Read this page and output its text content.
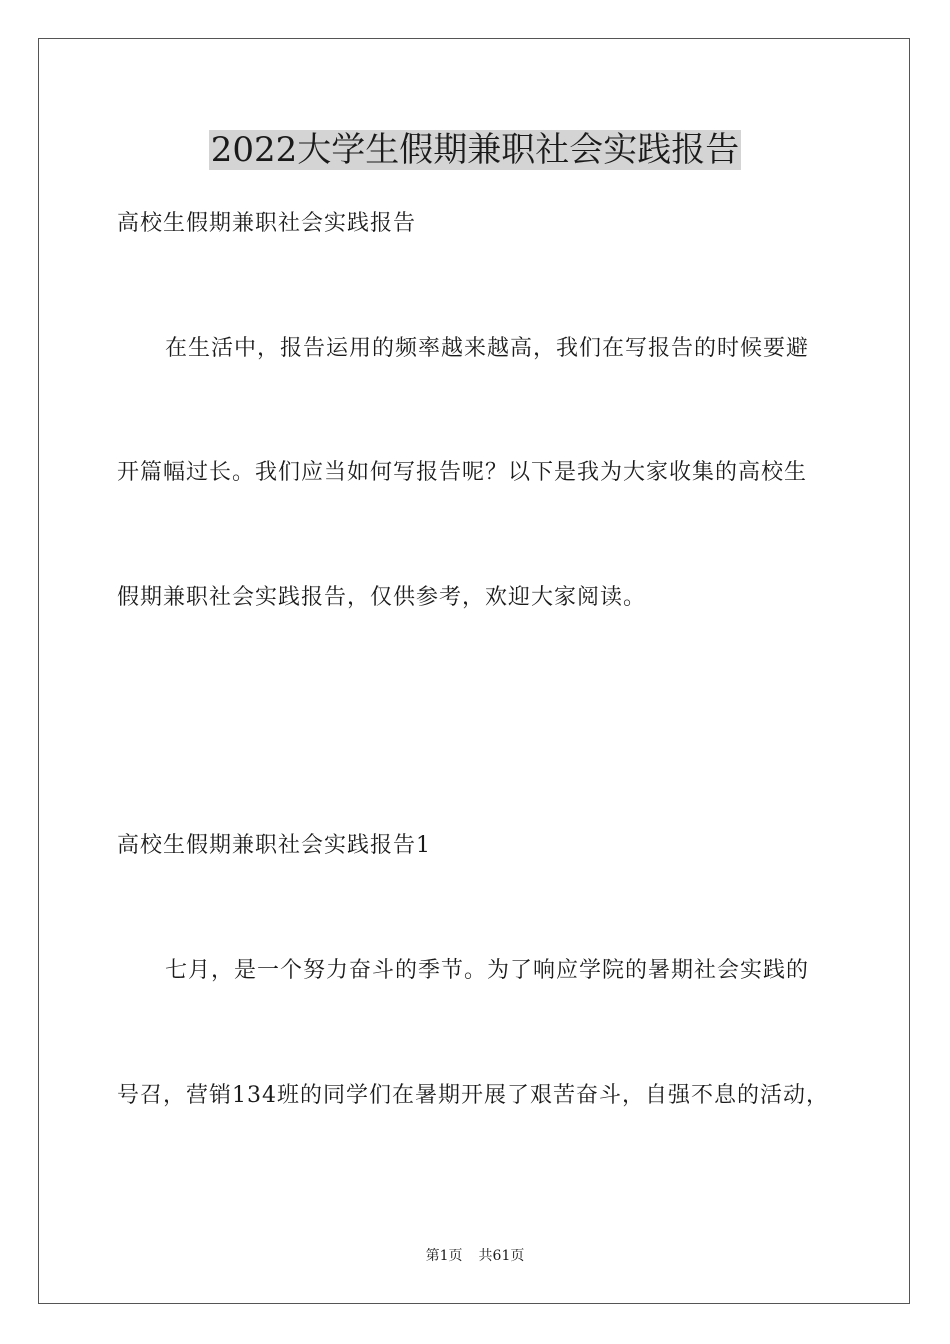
2022大学生假期兼职社会实践报告
高校生假期兼职社会实践报告
在生活中，报告运用的频率越来越高，我们在写报告的时候要避
开篇幅过长。我们应当如何写报告呢？以下是我为大家收集的高校生
假期兼职社会实践报告，仅供参考，欢迎大家阅读。
高校生假期兼职社会实践报告1
七月，是一个努力奋斗的季节。为了响应学院的暑期社会实践的
号召，营销134班的同学们在暑期开展了艰苦奋斗，自强不息的活动，
第1页 共61页
